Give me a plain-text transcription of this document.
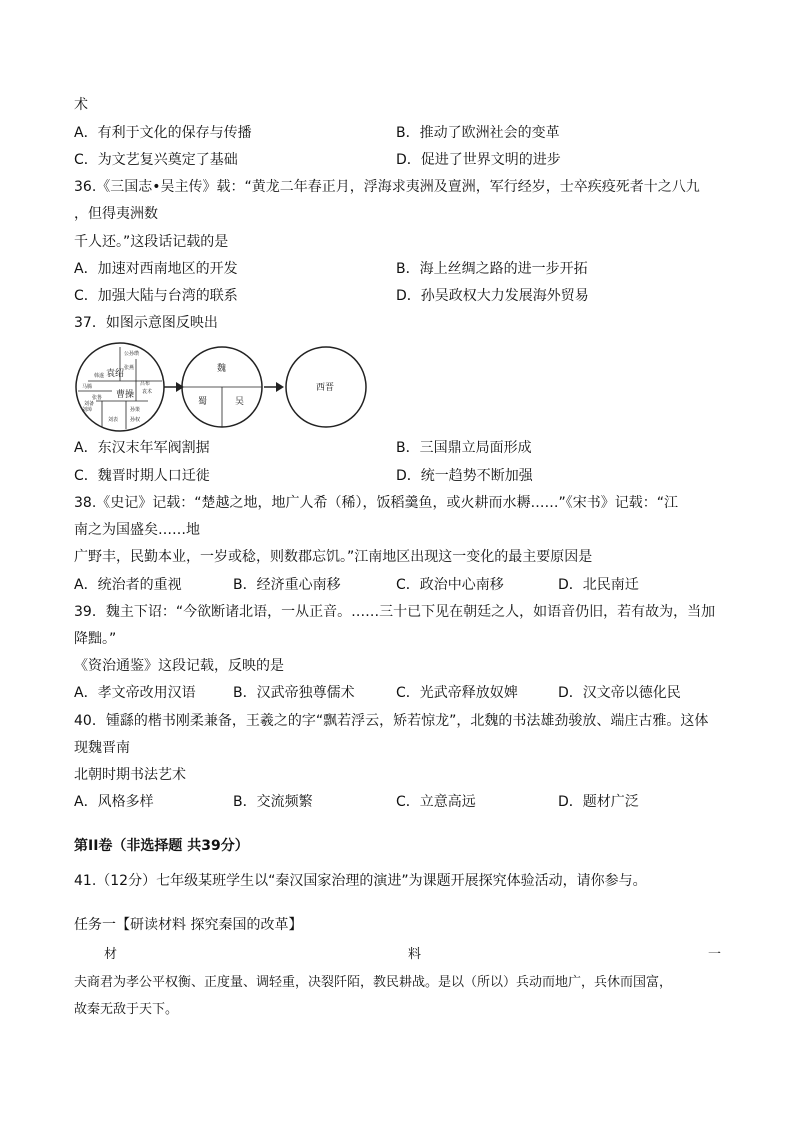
术
A．有利于文化的保存与传播	B．推动了欧洲社会的变革
C．为文艺复兴奠定了基础	D．促进了世界文明的进步
36.《三国志•吴主传》载：“黄龙二年春正月，浮海求夷洲及亶洲，军行经岁，士卒疾疫死者十之八九
，但得夷洲数
千人还。”这段话记载的是
A．加速对西南地区的开发	B．海上丝绸之路的进一步开拓
C．加强大陆与台湾的联系	D．孙吴政权大力发展海外贸易
37．如图示意图反映出
袁绍
曹操
公孙瓒
马腾
刘表 孙权
孙策
刘璋
张鲁
韩遂
袁术
张燕
刘备
吕布
魏
蜀	吴
西晋
A．东汉末年军阀割据	B．三国鼎立局面形成
C．魏晋时期人口迁徙	D．统一趋势不断加强
38.《史记》记载：“楚越之地，地广人希（稀），饭稻羹鱼，或火耕而水耨……”《宋书》记载：“江
南之为国盛矣……地
广野丰，民勤本业，一岁或稔，则数郡忘饥。”江南地区出现这一变化的最主要原因是
A．统治者的重视	B．经济重心南移	C．政治中心南移	D．北民南迁
39．魏主下诏：“今欲断诸北语，一从正音。……三十已下见在朝廷之人，如语音仍旧，若有故为，当加
降黜。”
《资治通鉴》这段记载，反映的是
A．孝文帝改用汉语	B．汉武帝独尊儒术	C．光武帝释放奴婢	D．汉文帝以德化民
40．锺繇的楷书刚柔兼备，王羲之的字“飘若浮云，矫若惊龙”，北魏的书法雄劲骏放、端庄古雅。这体
现魏晋南
北朝时期书法艺术
A．风格多样	B．交流频繁	C．立意高远	D．题材广泛
第II卷（非选择题 共39分）
41.（12分）七年级某班学生以“秦汉国家治理的演进”为课题开展探究体验活动，请你参与。
任务一【研读材料 探究秦国的改革】
材	料	一
夫商君为孝公平权衡、正度量、调轻重，决裂阡陌，教民耕战。是以（所以）兵动而地广，兵休而国富，
故秦无敌于天下。
